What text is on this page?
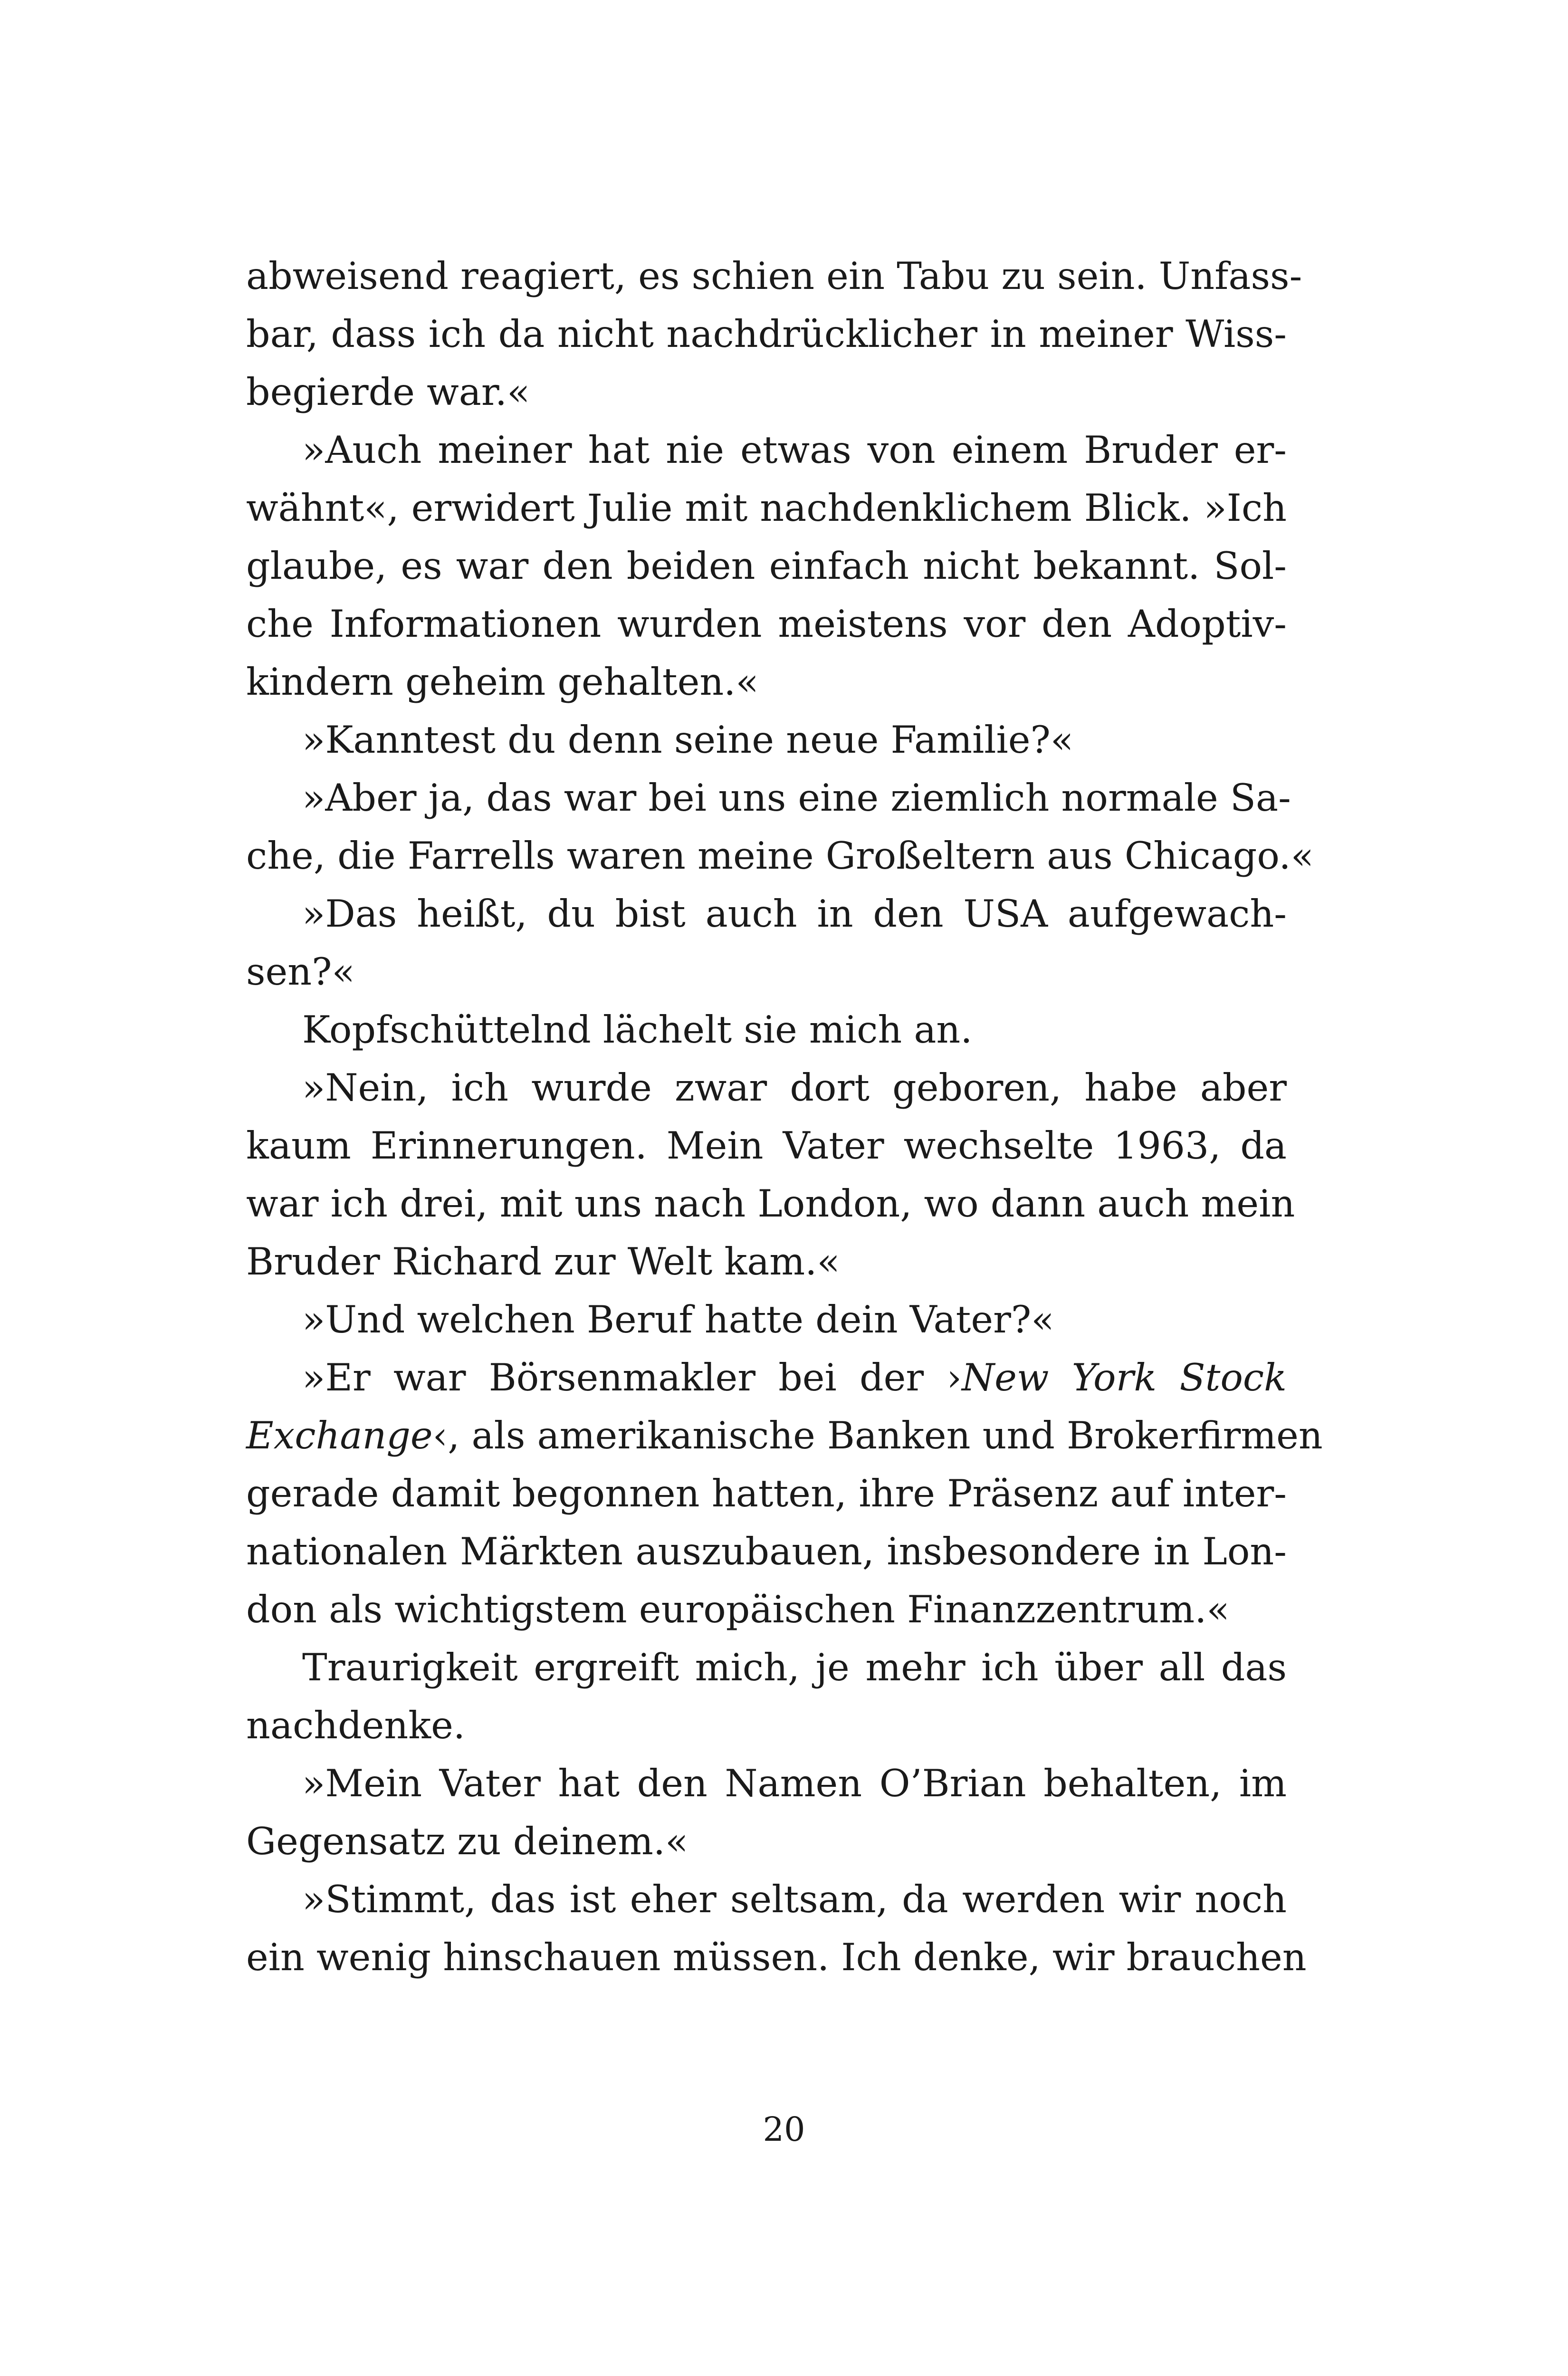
abweisend reagiert, es schien ein Tabu zu sein. Unfass-
bar, dass ich da nicht nachdrücklicher in meiner Wiss-
begierde war.«
»Auch meiner hat nie etwas von einem Bruder er-
wähnt«, erwidert Julie mit nachdenklichem Blick. »Ich
glaube, es war den beiden einfach nicht bekannt. Sol-
che Informationen wurden meistens vor den Adoptiv-
kindern geheim gehalten.«
»Kanntest du denn seine neue Familie?«
»Aber ja, das war bei uns eine ziemlich normale Sa-
che, die Farrells waren meine Großeltern aus Chicago.«
»Das heißt, du bist auch in den USA aufgewach-
sen?«
Kopfschüttelnd lächelt sie mich an.
»Nein, ich wurde zwar dort geboren, habe aber
kaum Erinnerungen. Mein Vater wechselte 1963, da
war ich drei, mit uns nach London, wo dann auch mein
Bruder Richard zur Welt kam.«
»Und welchen Beruf hatte dein Vater?«
»Er war Börsenmakler bei der ›New York Stock
Exchange‹, als amerikanische Banken und Brokerfirmen
gerade damit begonnen hatten, ihre Präsenz auf inter-
nationalen Märkten auszubauen, insbesondere in Lon-
don als wichtigstem europäischen Finanzzentrum.«
Traurigkeit ergreift mich, je mehr ich über all das
nachdenke.
»Mein Vater hat den Namen O’Brian behalten, im
Gegensatz zu deinem.«
»Stimmt, das ist eher seltsam, da werden wir noch
ein wenig hinschauen müssen. Ich denke, wir brauchen
20
